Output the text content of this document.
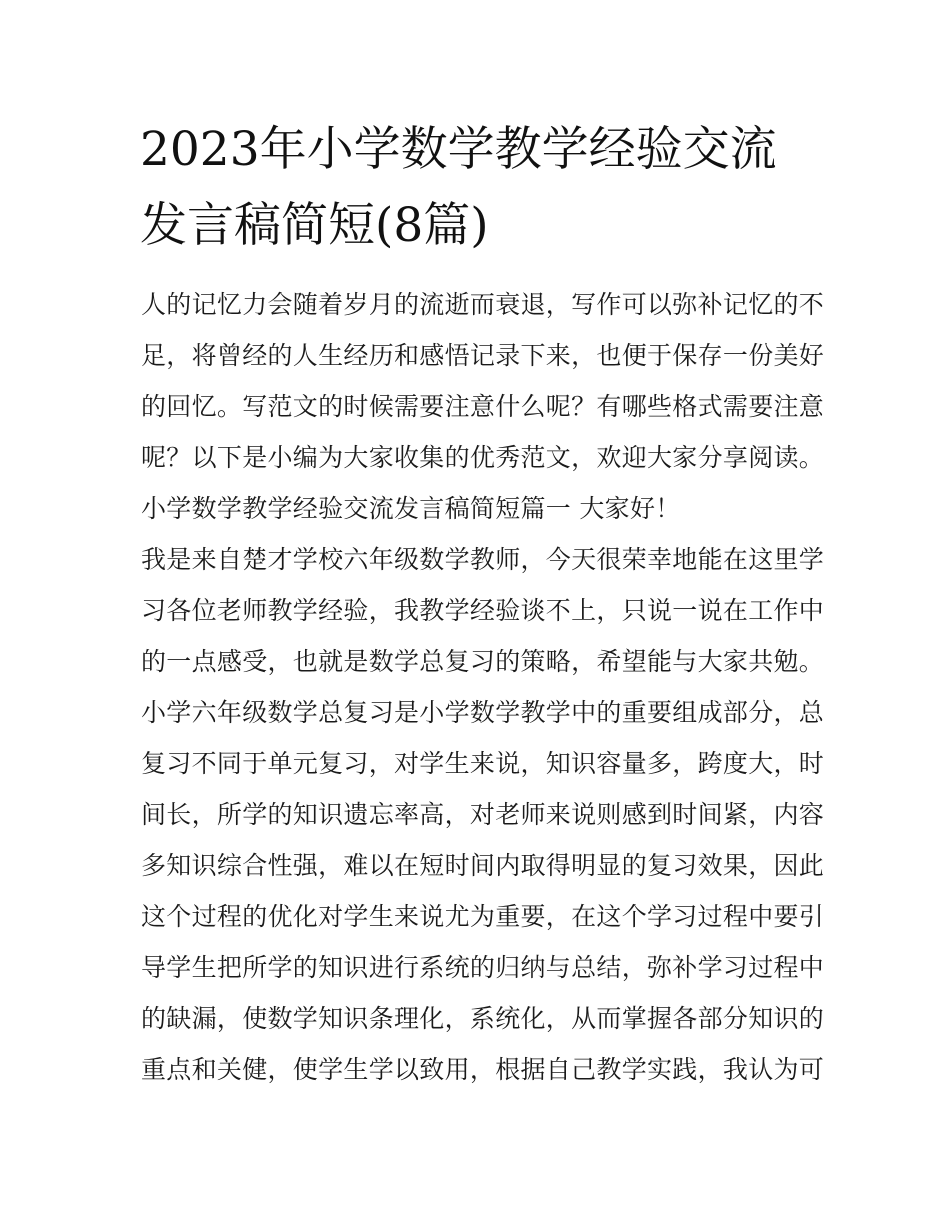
2023年小学数学教学经验交流
发言稿简短(8篇)
人的记忆力会随着岁月的流逝而衰退，写作可以弥补记忆的不
足，将曾经的人生经历和感悟记录下来，也便于保存一份美好
的回忆。写范文的时候需要注意什么呢？有哪些格式需要注意
呢？以下是小编为大家收集的优秀范文，欢迎大家分享阅读。
小学数学教学经验交流发言稿简短篇一 大家好！
我是来自楚才学校六年级数学教师，今天很荣幸地能在这里学
习各位老师教学经验，我教学经验谈不上，只说一说在工作中
的一点感受，也就是数学总复习的策略，希望能与大家共勉。
小学六年级数学总复习是小学数学教学中的重要组成部分，总
复习不同于单元复习，对学生来说，知识容量多，跨度大，时
间长，所学的知识遗忘率高，对老师来说则感到时间紧，内容
多知识综合性强，难以在短时间内取得明显的复习效果，因此
这个过程的优化对学生来说尤为重要，在这个学习过程中要引
导学生把所学的知识进行系统的归纳与总结，弥补学习过程中
的缺漏，使数学知识条理化，系统化，从而掌握各部分知识的
重点和关健，使学生学以致用，根据自己教学实践，我认为可
